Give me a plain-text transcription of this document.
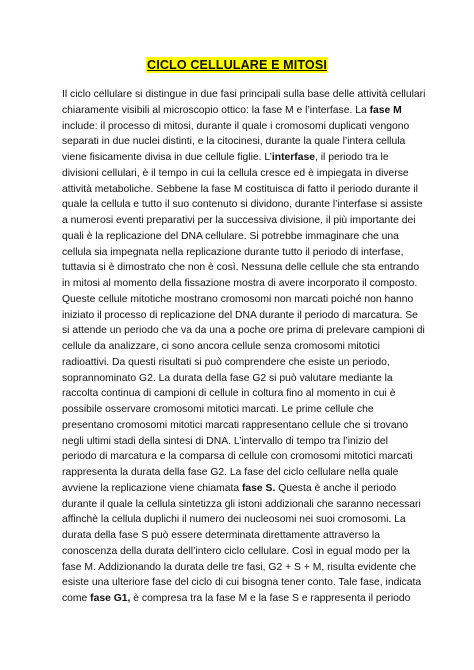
CICLO CELLULARE E MITOSI
Il ciclo cellulare si distingue in due fasi principali sulla base delle attività cellulari
chiaramente visibili al microscopio ottico: la fase M e l’interfase. La fase M
include: il processo di mitosi, durante il quale i cromosomi duplicati vengono
separati in due nuclei distinti, e la citocinesi, durante la quale l’intera cellula
viene fisicamente divisa in due cellule figlie. L’interfase, il periodo tra le
divisioni cellulari, è il tempo in cui la cellula cresce ed è impiegata in diverse
attività metaboliche. Sebbene la fase M costituisca di fatto il periodo durante il
quale la cellula e tutto il suo contenuto si dividono, durante l’interfase si assiste
a numerosi eventi preparativi per la successiva divisione, il più importante dei
quali è la replicazione del DNA cellulare. Si potrebbe immaginare che una
cellula sia impegnata nella replicazione durante tutto il periodo di interfase,
tuttavia si è dimostrato che non è così. Nessuna delle cellule che sta entrando
in mitosi al momento della fissazione mostra di avere incorporato il composto.
Queste cellule mitotiche mostrano cromosomi non marcati poiché non hanno
iniziato il processo di replicazione del DNA durante il periodo di marcatura. Se
si attende un periodo che va da una a poche ore prima di prelevare campioni di
cellule da analizzare, ci sono ancora cellule senza cromosomi mitotici
radioattivi. Da questi risultati si può comprendere che esiste un periodo,
soprannominato G2. La durata della fase G2 si può valutare mediante la
raccolta continua di campioni di cellule in coltura fino al momento in cui è
possibile osservare cromosomi mitotici marcati. Le prime cellule che
presentano cromosomi mitotici marcati rappresentano cellule che si trovano
negli ultimi stadi della sintesi di DNA. L’intervallo di tempo tra l’inizio del
periodo di marcatura e la comparsa di cellule con cromosomi mitotici marcati
rappresenta la durata della fase G2. La fase del ciclo cellulare nella quale
avviene la replicazione viene chiamata fase S. Questa è anche il periodo
durante il quale la cellula sintetizza gli istoni addizionali che saranno necessari
affinchè la cellula duplichi il numero dei nucleosomi nei suoi cromosomi. La
durata della fase S può essere determinata direttamente attraverso la
conoscenza della durata dell’intero ciclo cellulare. Così in egual modo per la
fase M. Addizionando la durata delle tre fasi, G2 + S + M, risulta evidente che
esiste una ulteriore fase del ciclo di cui bisogna tener conto. Tale fase, indicata
come fase G1, è compresa tra la fase M e la fase S e rappresenta il periodo
